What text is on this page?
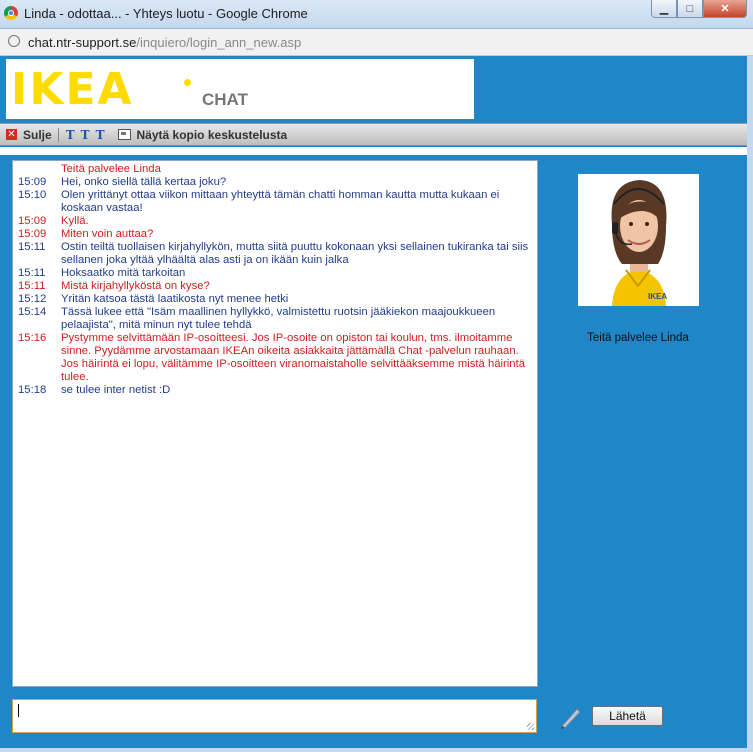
Linda - odottaa... - Yhteys luotu - Google Chrome	▁	□	✕
chat.ntr-support.se/inquiero/login_ann_new.asp
IKEA	CHAT
✕ Sulje T T T	Näytä kopio keskustelusta
Teitä palvelee Linda
15:09	Hei, onko siellä tällä kertaa joku?
15:10	Olen yrittänyt ottaa viikon mittaan yhteyttä tämän chatti homman kautta mutta kukaan ei koskaan vastaa!
15:09	Kyllä.
15:09	Miten voin auttaa?
15:11	Ostin teiltä tuollaisen kirjahyllykön, mutta siitä puuttu kokonaan yksi sellainen tukiranka tai siis sellanen joka yltää ylhäältä alas asti ja on ikään kuin jalka
15:11	Hoksaatko mitä tarkoitan
15:11	Mistä kirjahyllyköstä on kyse?
15:12	Yritän katsoa tästä laatikosta nyt menee hetki
15:14	Tässä lukee että "Isäm maallinen hyllykkö, valmistettu ruotsin jääkiekon maajoukkueen pelaajista", mitä minun nyt tulee tehdä
15:16	Pystymme selvittämään IP-osoitteesi. Jos IP-osoite on opiston tai koulun, tms. ilmoitamme sinne. Pyydämme arvostamaan IKEAn oikeita asiakkaita jättämällä Chat -palvelun rauhaan. Jos häirintä ei lopu, välitämme IP-osoitteen viranomaistaholle selvittääksemme mistä häirintä tulee.
15:18	se tulee inter netist :D
IKEA
Teitä palvelee Linda
Lähetä
